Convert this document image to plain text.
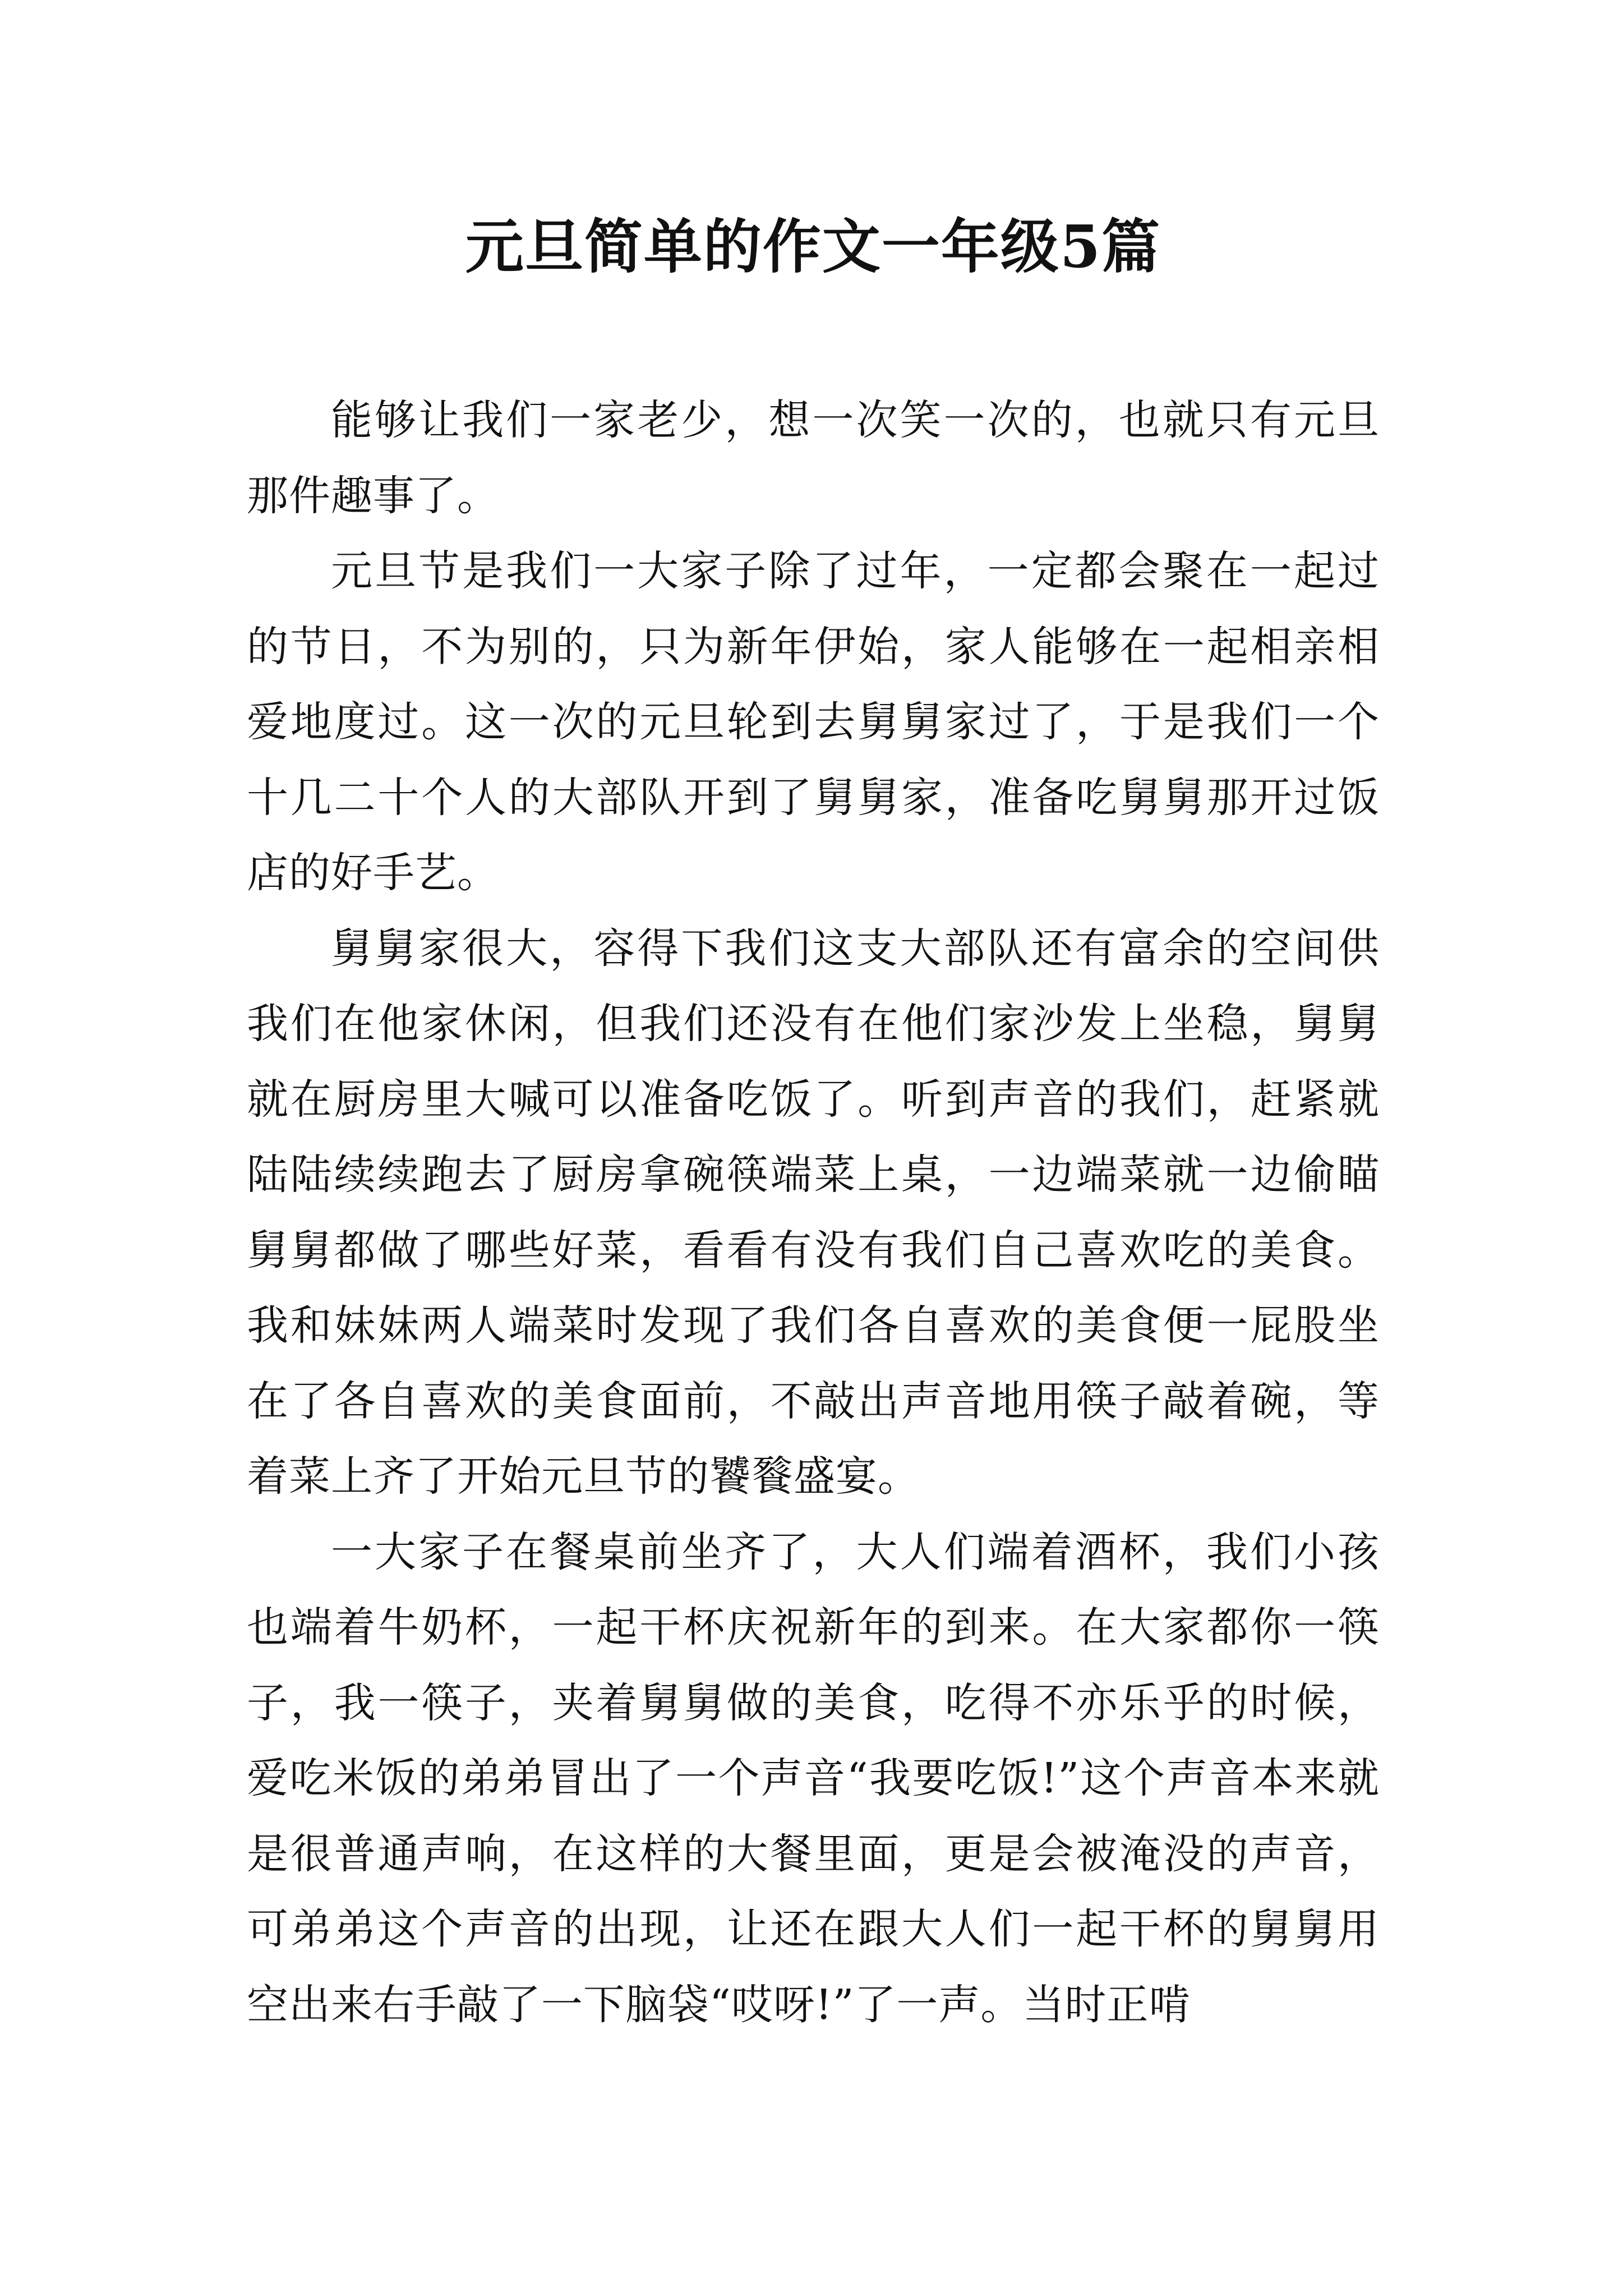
元旦简单的作文一年级5篇

能够让我们一家老少，想一次笑一次的，也就只有元旦那件趣事了。

元旦节是我们一大家子除了过年，一定都会聚在一起过的节日，不为别的，只为新年伊始，家人能够在一起相亲相爱地度过。这一次的元旦轮到去舅舅家过了，于是我们一个十几二十个人的大部队开到了舅舅家，准备吃舅舅那开过饭店的好手艺。

舅舅家很大，容得下我们这支大部队还有富余的空间供我们在他家休闲，但我们还没有在他们家沙发上坐稳，舅舅就在厨房里大喊可以准备吃饭了。听到声音的我们，赶紧就陆陆续续跑去了厨房拿碗筷端菜上桌，一边端菜就一边偷瞄舅舅都做了哪些好菜，看看有没有我们自己喜欢吃的美食。我和妹妹两人端菜时发现了我们各自喜欢的美食便一屁股坐在了各自喜欢的美食面前，不敲出声音地用筷子敲着碗，等着菜上齐了开始元旦节的饕餮盛宴。

一大家子在餐桌前坐齐了，大人们端着酒杯，我们小孩也端着牛奶杯，一起干杯庆祝新年的到来。在大家都你一筷子，我一筷子，夹着舅舅做的美食，吃得不亦乐乎的时候，爱吃米饭的弟弟冒出了一个声音“我要吃饭!”这个声音本来就是很普通声响，在这样的大餐里面，更是会被淹没的声音，可弟弟这个声音的出现，让还在跟大人们一起干杯的舅舅用空出来右手敲了一下脑袋“哎呀!”了一声。当时正啃
